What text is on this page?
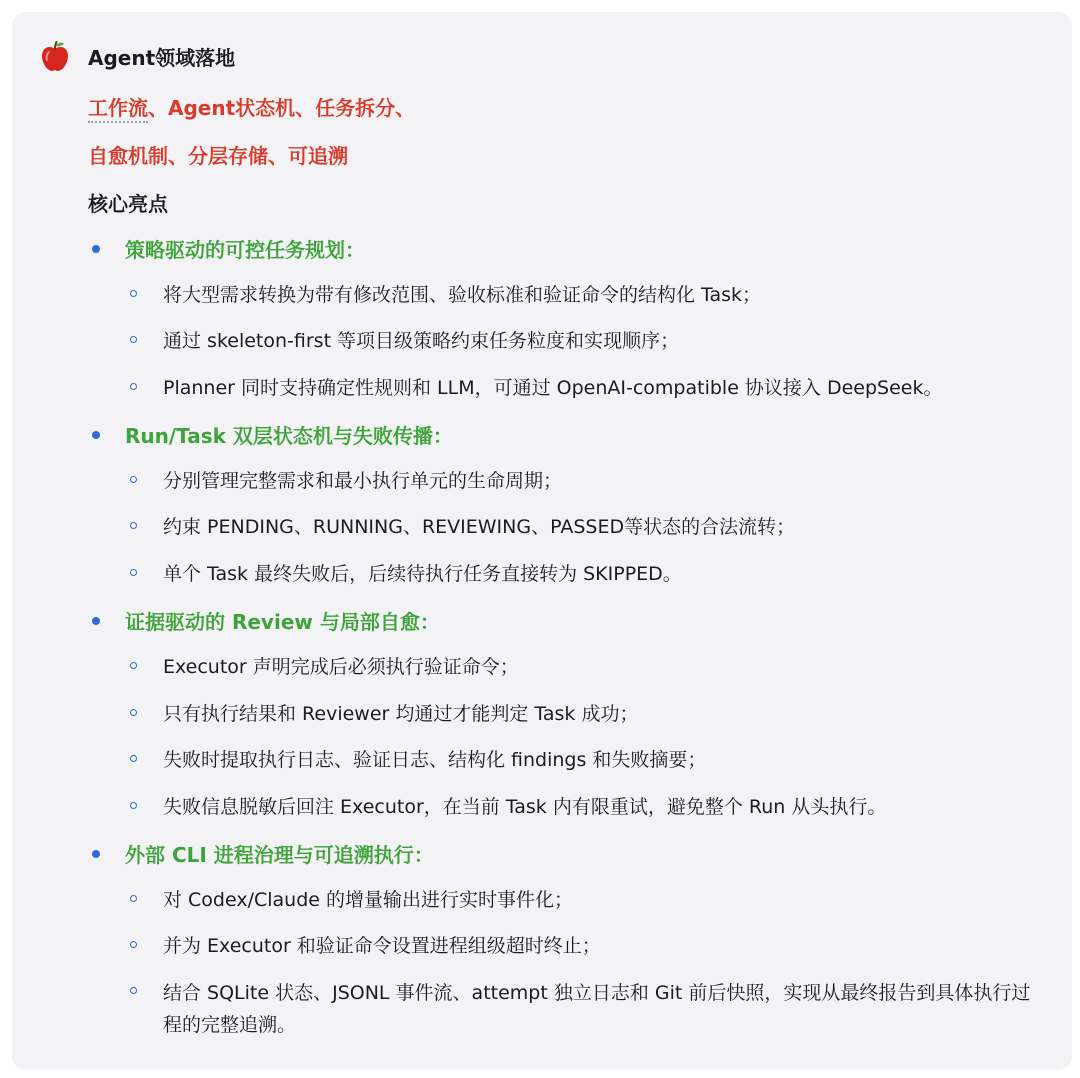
Agent领域落地
工作流、Agent状态机、任务拆分、
自愈机制、分层存储、可追溯
核心亮点
策略驱动的可控任务规划：
将大型需求转换为带有修改范围、验收标准和验证命令的结构化 Task；
通过 skeleton-first 等项目级策略约束任务粒度和实现顺序；
Planner 同时支持确定性规则和 LLM，可通过 OpenAI-compatible 协议接入 DeepSeek。
Run/Task 双层状态机与失败传播：
分别管理完整需求和最小执行单元的生命周期；
约束 PENDING、RUNNING、REVIEWING、PASSED等状态的合法流转；
单个 Task 最终失败后，后续待执行任务直接转为 SKIPPED。
证据驱动的 Review 与局部自愈：
Executor 声明完成后必须执行验证命令；
只有执行结果和 Reviewer 均通过才能判定 Task 成功；
失败时提取执行日志、验证日志、结构化 findings 和失败摘要；
失败信息脱敏后回注 Executor，在当前 Task 内有限重试，避免整个 Run 从头执行。
外部 CLI 进程治理与可追溯执行：
对 Codex/Claude 的增量输出进行实时事件化；
并为 Executor 和验证命令设置进程组级超时终止；
结合 SQLite 状态、JSONL 事件流、attempt 独立日志和 Git 前后快照，实现从最终报告到具体执行过程的完整追溯。
